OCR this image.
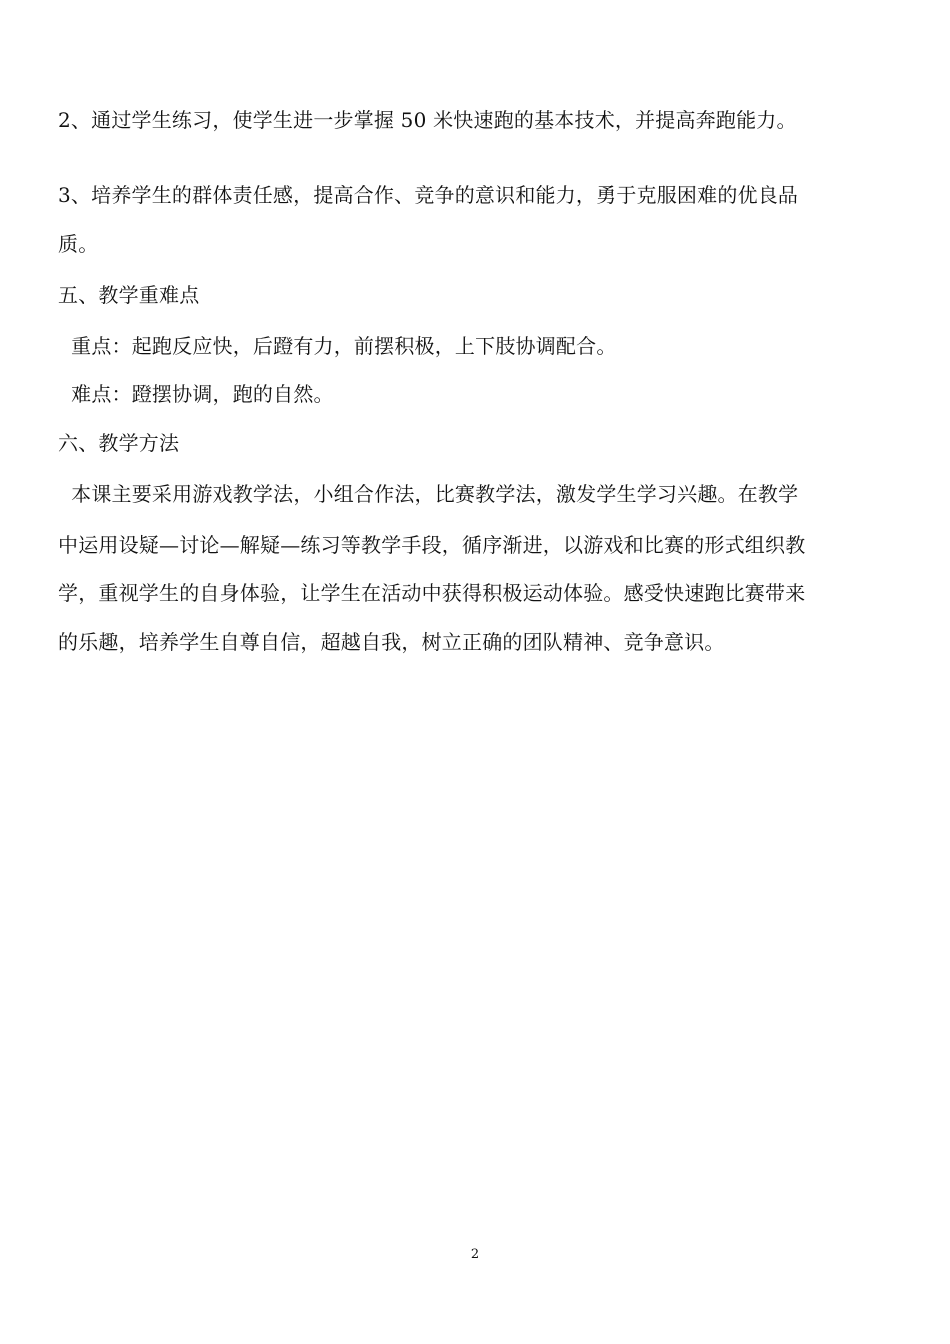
2、通过学生练习，使学生进一步掌握 50 米快速跑的基本技术，并提高奔跑能力。
3、培养学生的群体责任感，提高合作、竞争的意识和能力，勇于克服困难的优良品
质。
五、教学重难点
重点：起跑反应快，后蹬有力，前摆积极，上下肢协调配合。
难点：蹬摆协调，跑的自然。
六、教学方法
本课主要采用游戏教学法，小组合作法，比赛教学法，激发学生学习兴趣。在教学
中运用设疑—讨论—解疑—练习等教学手段，循序渐进，以游戏和比赛的形式组织教
学，重视学生的自身体验，让学生在活动中获得积极运动体验。感受快速跑比赛带来
的乐趣，培养学生自尊自信，超越自我，树立正确的团队精神、竞争意识。
2
